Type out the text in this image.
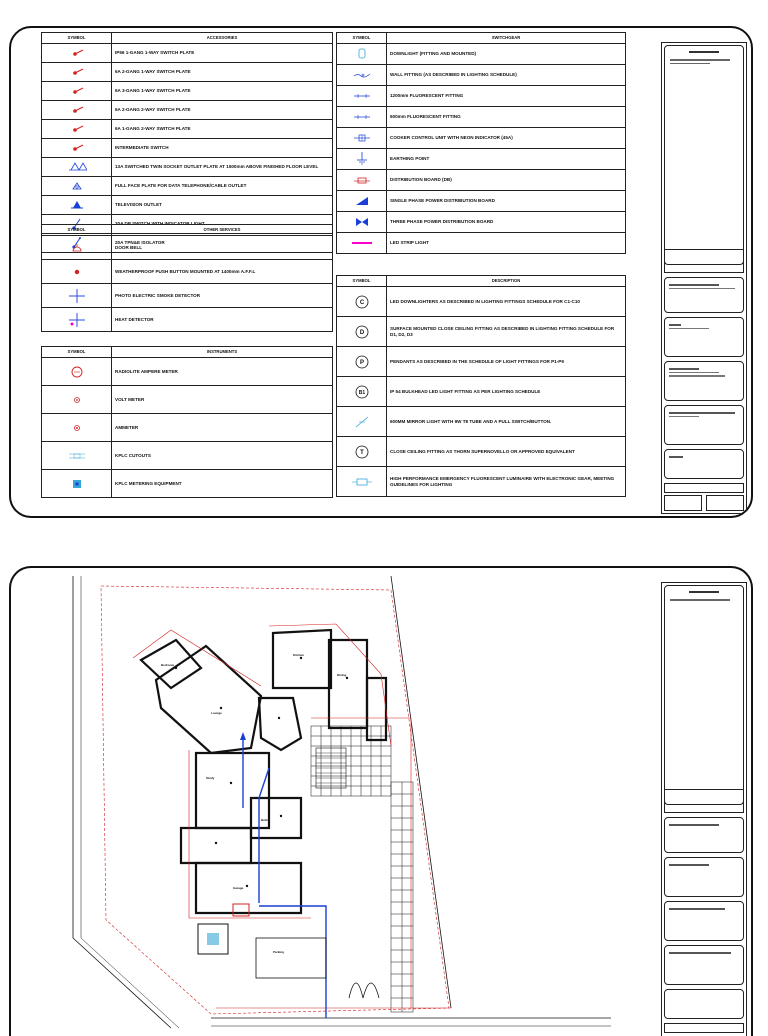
SYMBOL	ACCESSORIES

	IP56 1-GANG 1-WAY SWITCH PLATE

	6A 2-GANG 1-WAY SWITCH PLATE

	6A 3-GANG 1-WAY SWITCH PLATE

	6A 2-GANG 2-WAY SWITCH PLATE

	6A 1-GANG 2-WAY SWITCH PLATE

	INTERMEDIATE SWITCH

	13A SWITCHED TWIN SOCKET OUTLET PLATE AT 1500mm ABOVE FINISHED FLOOR LEVEL

	FULL FACE PLATE FOR DATA TELEPHONE/CABLE OUTLET

	TELEVISION OUTLET

	20A DP SWITCH WITH INDICATOR LIGHT

	20A TPN&E ISOLATOR
SYMBOL	OTHER SERVICES

	DOOR BELL

	WEATHERPROOF PUSH BUTTON MOUNTED AT 1400mm A.F.F.L

	PHOTO ELECTRIC SMOKE DETECTOR

	HEAT DETECTOR
SYMBOL	INSTRUMENTS

	RADIOLITE AMPERE METER

	VOLT METER

	AMMETER

	KPLC CUTOUTS

	KPLC METERING EQUIPMENT
SYMBOL	SWITCHGEAR

	DOWNLIGHT (FITTING AND MOUNTED)

	WALL FITTING (AS DESCRIBED IN LIGHTING SCHEDULE)

	1200mm FLUORESCENT FITTING

	600mm FLUORESCENT FITTING

	COOKER CONTROL UNIT WITH NEON INDICATOR (45A)

	EARTHING POINT

	DISTRIBUTION BOARD (DB)

	SINGLE PHASE POWER DISTRIBUTION BOARD

	THREE PHASE POWER DISTRIBUTION BOARD

	LED STRIP LIGHT
SYMBOL	DESCRIPTION

C	LED DOWNLIGHTERS AS DESCRIBED IN LIGHTING FITTINGS SCHEDULE FOR C1-C10

D	SURFACE MOUNTED CLOSE CEILING FITTING AS DESCRIBED IN LIGHTING FITTING SCHEDULE FOR D1, D2, D3

P	PENDANTS AS DESCRIBED IN THE SCHEDULE OF LIGHT FITTINGS FOR P1-P9

B1	IP 54 BULKHEAD LED LIGHT FITTING AS PER LIGHTING SCHEDULE

	600MM MIRROR LIGHT WITH 9W T8 TUBE AND A PULL SWITCH/BUTTON.

T	CLOSE CEILING FITTING AS THORN SUPERNOVELLO OR APPROVED EQUIVALENT

	HIGH PERFORMANCE EMERGENCY FLUORESCENT LUMINAIRE WITH ELECTRONIC GEAR, MEETING GUIDELINES FOR LIGHTING
Bedroom
Lounge
Kitchen
Dining
Study
Bath
Garage
Parking
